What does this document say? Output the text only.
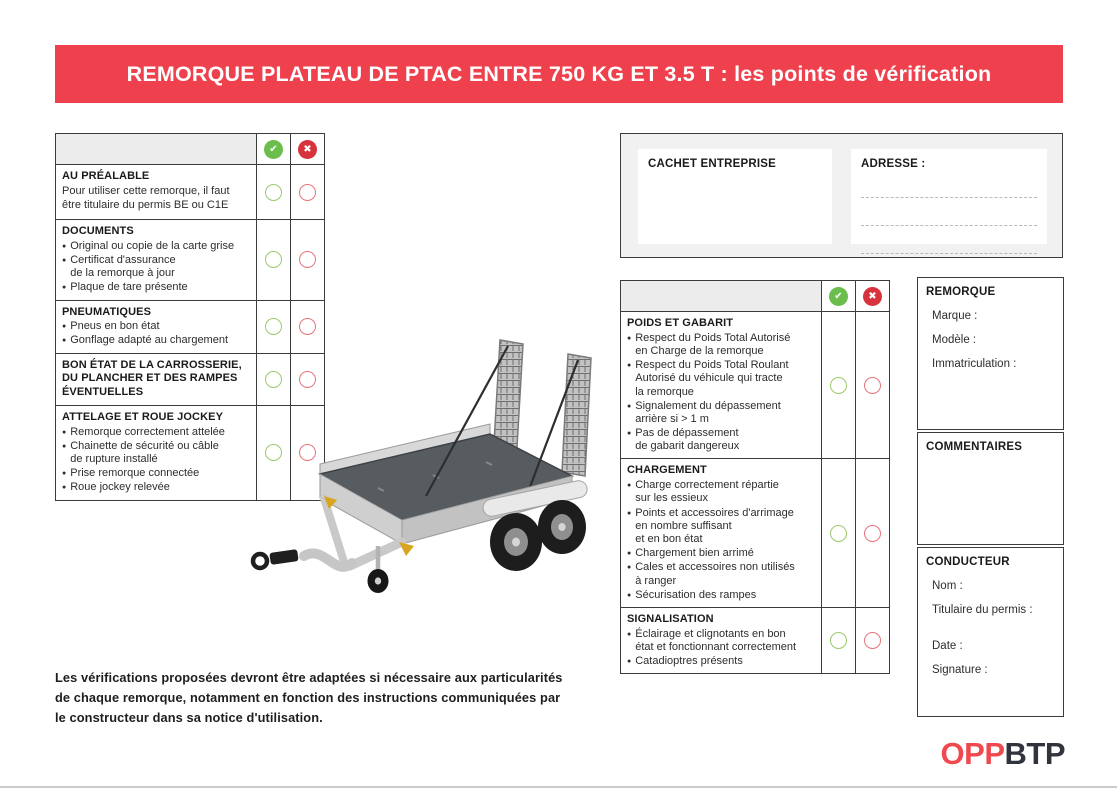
REMORQUE PLATEAU DE PTAC ENTRE 750 KG ET 3.5 T : les points de vérification
✔	✖
AU PRÉALABLE
Pour utiliser cette remorque, il faut
être titulaire du permis BE ou C1E
DOCUMENTS
● Original ou copie de la carte grise
● Certificat d'assurance
de la remorque à jour
● Plaque de tare présente
PNEUMATIQUES
● Pneus en bon état
● Gonflage adapté au chargement
BON ÉTAT DE LA CARROSSERIE,
DU PLANCHER ET DES RAMPES
ÉVENTUELLES
ATTELAGE ET ROUE JOCKEY
● Remorque correctement attelée
● Chainette de sécurité ou câble
de rupture installé
● Prise remorque connectée
● Roue jockey relevée
CACHET ENTREPRISE	ADRESSE :
✔	✖
POIDS ET GABARIT
● Respect du Poids Total Autorisé
en Charge de la remorque
● Respect du Poids Total Roulant
Autorisé du véhicule qui tracte
la remorque
● Signalement du dépassement
arrière si > 1 m
● Pas de dépassement
de gabarit dangereux
CHARGEMENT
● Charge correctement répartie
sur les essieux
● Points et accessoires d'arrimage
en nombre suffisant
et en bon état
● Chargement bien arrimé
● Cales et accessoires non utilisés
à ranger
● Sécurisation des rampes
SIGNALISATION
● Éclairage et clignotants en bon
état et fonctionnant correctement
● Catadioptres présents
REMORQUE
Marque :
Modèle :
Immatriculation :
COMMENTAIRES
CONDUCTEUR
Nom :
Titulaire du permis :
Date :
Signature :
Les vérifications proposées devront être adaptées si nécessaire aux particularités
de chaque remorque, notamment en fonction des instructions communiquées par
le constructeur dans sa notice d'utilisation.
OPPBTP
